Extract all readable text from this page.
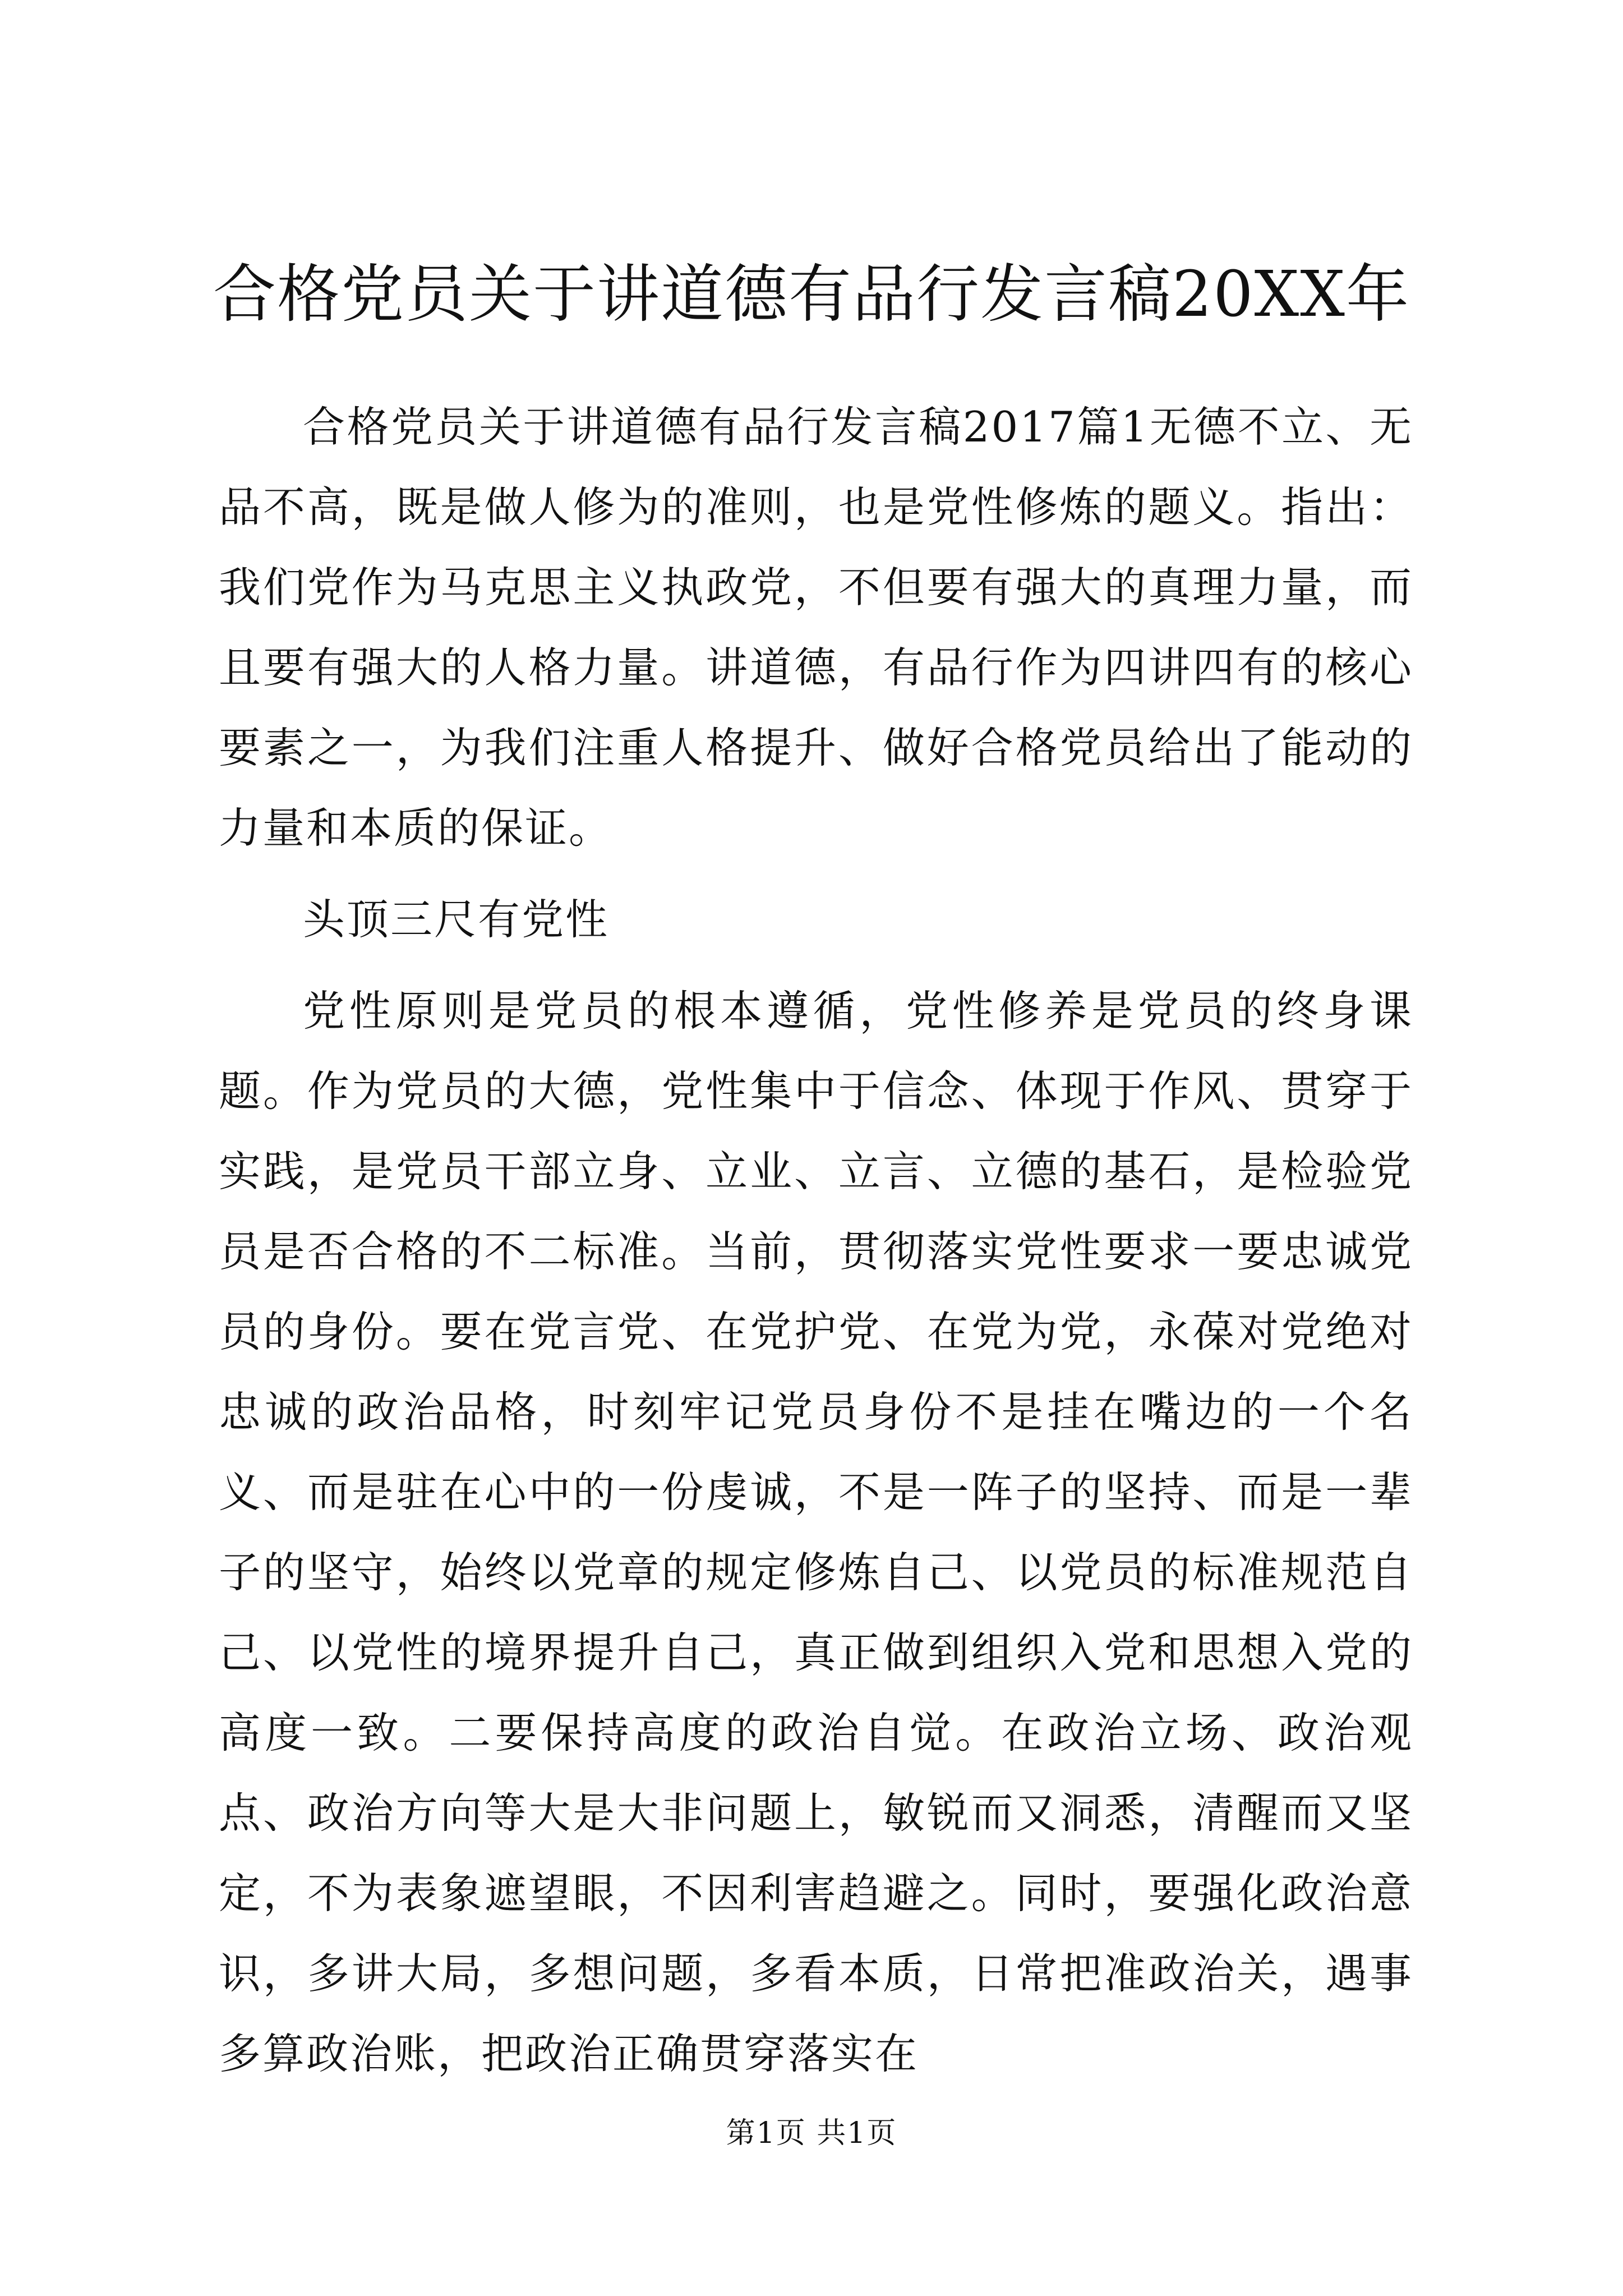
合格党员关于讲道德有品行发言稿20XX年

合格党员关于讲道德有品行发言稿2017篇1无德不立、无品不高，既是做人修为的准则，也是党性修炼的题义。指出：我们党作为马克思主义执政党，不但要有强大的真理力量，而且要有强大的人格力量。讲道德，有品行作为四讲四有的核心要素之一，为我们注重人格提升、做好合格党员给出了能动的力量和本质的保证。

头顶三尺有党性

党性原则是党员的根本遵循，党性修养是党员的终身课题。作为党员的大德，党性集中于信念、体现于作风、贯穿于实践，是党员干部立身、立业、立言、立德的基石，是检验党员是否合格的不二标准。当前，贯彻落实党性要求一要忠诚党员的身份。要在党言党、在党护党、在党为党，永葆对党绝对忠诚的政治品格，时刻牢记党员身份不是挂在嘴边的一个名义、而是驻在心中的一份虔诚，不是一阵子的坚持、而是一辈子的坚守，始终以党章的规定修炼自己、以党员的标准规范自己、以党性的境界提升自己，真正做到组织入党和思想入党的高度一致。二要保持高度的政治自觉。在政治立场、政治观点、政治方向等大是大非问题上，敏锐而又洞悉，清醒而又坚定，不为表象遮望眼，不因利害趋避之。同时，要强化政治意识，多讲大局，多想问题，多看本质，日常把准政治关，遇事多算政治账，把政治正确贯穿落实在

第1页 共1页
